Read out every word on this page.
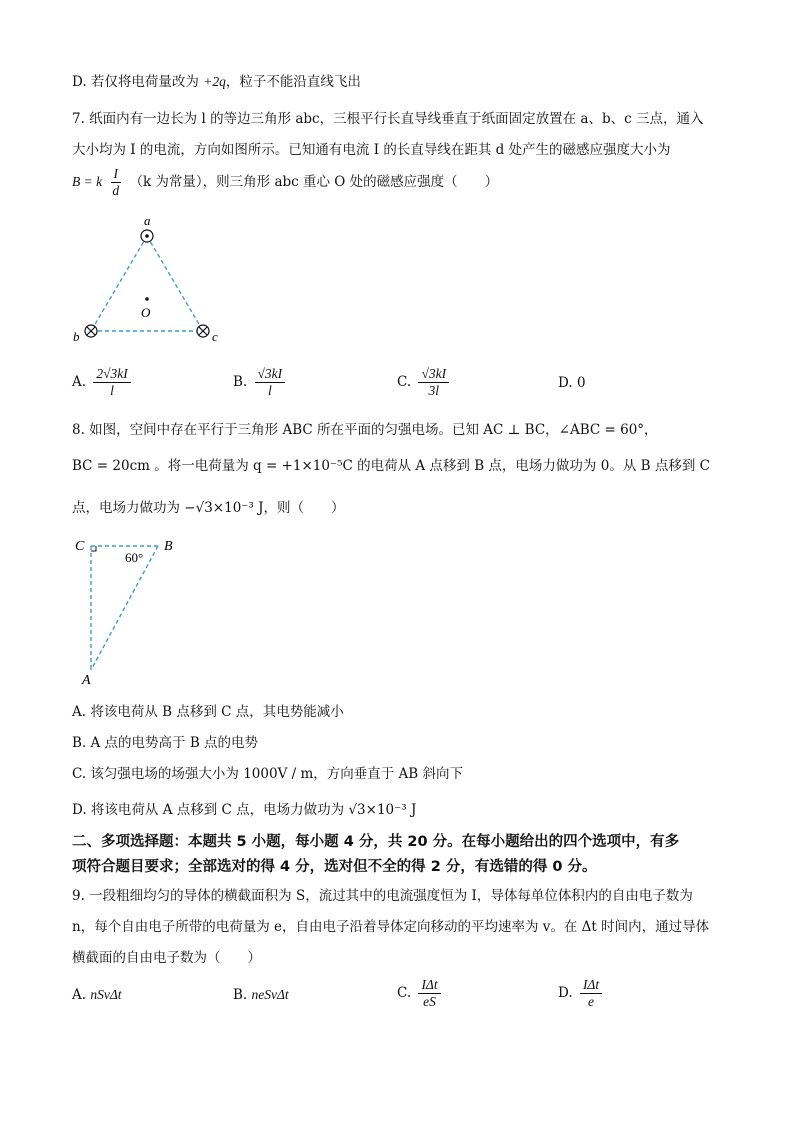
D. 若仅将电荷量改为 +2q，粒子不能沿直线飞出
7. 纸面内有一边长为 l 的等边三角形 abc，三根平行长直导线垂直于纸面固定放置在 a、b、c 三点，通入
大小均为 I 的电流，方向如图所示。已知通有电流 I 的长直导线在距其 d 处产生的磁感应强度大小为
B = k $\frac{I}{d} (k$ 为常量），则三角形 abc 重心 O 处的磁感应强度（　　）
a
b	c
O
A. $\frac{2√3kI}{l}$	B. $\frac{√3kI}{l}$	C. $\frac{√3kI}{3l}$	D. 0
8. 如图，空间中存在平行于三角形 ABC 所在平面的匀强电场。已知 AC ⊥ BC，∠ABC = 60°，
BC = 20cm 。将一电荷量为 q = +1×10⁻⁵C 的电荷从 A 点移到 B 点，电场力做功为 0。从 B 点移到 C
点，电场力做功为 −√3×10⁻³ J，则（　　）
C	B
A
60°
A. 将该电荷从 B 点移到 C 点，其电势能减小
B. A 点的电势高于 B 点的电势
C. 该匀强电场的场强大小为 1000V / m，方向垂直于 AB 斜向下
D. 将该电荷从 A 点移到 C 点，电场力做功为 √3×10⁻³ J
二、多项选择题：本题共 5 小题，每小题 4 分，共 20 分。在每小题给出的四个选项中，有多
项符合题目要求；全部选对的得 4 分，选对但不全的得 2 分，有选错的得 0 分。
9. 一段粗细均匀的导体的横截面积为 S，流过其中的电流强度恒为 I，导体每单位体积内的自由电子数为
n，每个自由电子所带的电荷量为 e，自由电子沿着导体定向移动的平均速率为 v。在 Δt 时间内，通过导体
横截面的自由电子数为（　　）
A. nSvΔt	B. neSvΔt	C. $\frac{\text{IΔt}}{eS}$	D. $\frac{\text{IΔt}}{e}$
